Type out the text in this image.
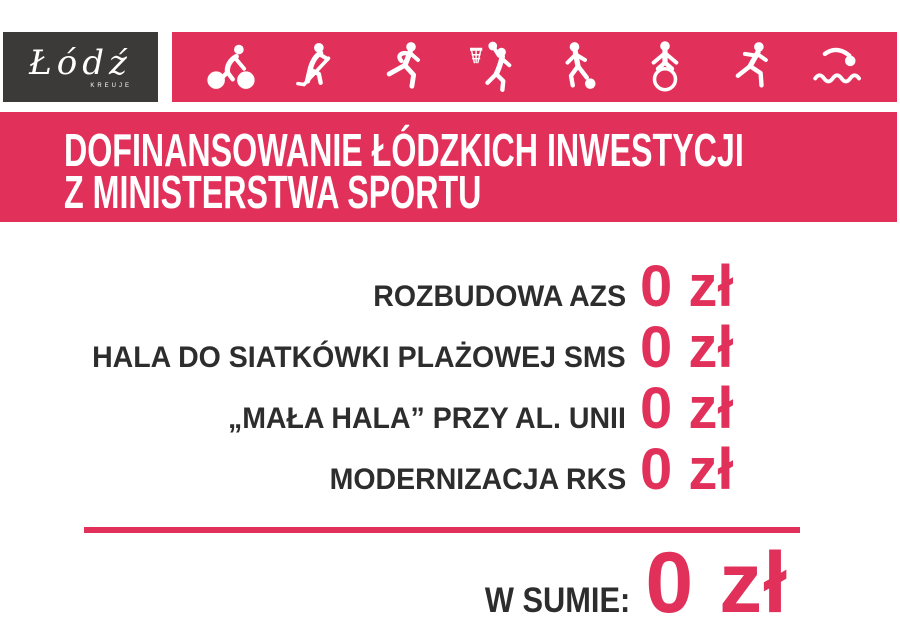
Łódź
KREUJE
DOFINANSOWANIE ŁÓDZKICH INWESTYCJI
Z MINISTERSTWA SPORTU
ROZBUDOWA AZS 0 zł
HALA DO SIATKÓWKI PLAŻOWEJ SMS 0 zł
„MAŁA HALA” PRZY AL. UNII 0 zł
MODERNIZACJA RKS 0 zł
W SUMIE: 0 zł
